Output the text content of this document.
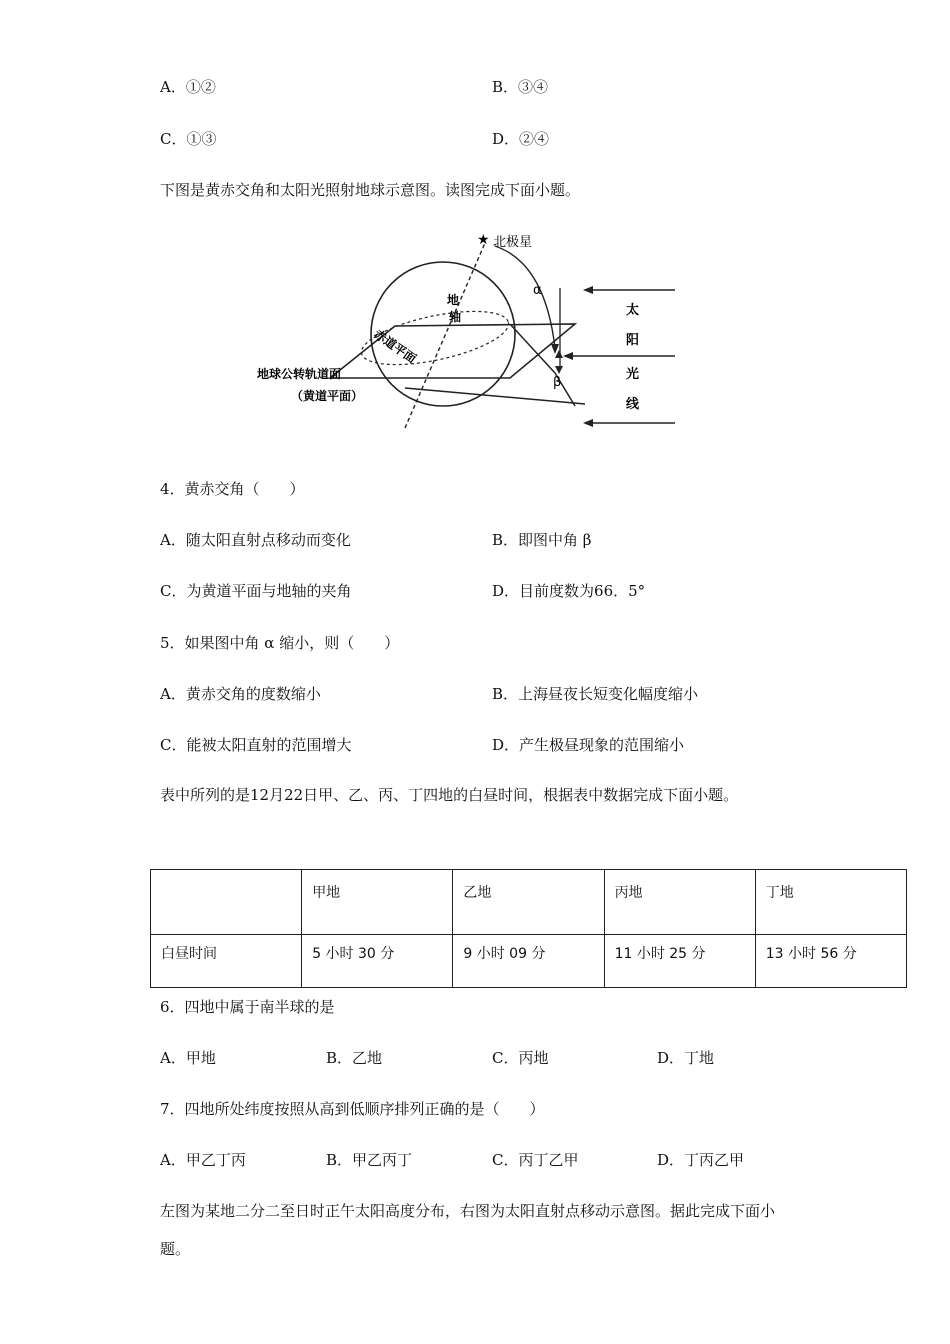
A．①②	B．③④
C．①③	D．②④
下图是黄赤交角和太阳光照射地球示意图。读图完成下面小题。
★ 北极星
地
轴
赤道平面
地球公转轨道面
（黄道平面）
α
β
太
阳
光
线
4．黄赤交角（　　）
A．随太阳直射点移动而变化	B．即图中角 β
C．为黄道平面与地轴的夹角	D．目前度数为66．5°
5．如果图中角 α 缩小，则（　　）
A．黄赤交角的度数缩小	B．上海昼夜长短变化幅度缩小
C．能被太阳直射的范围增大	D．产生极昼现象的范围缩小
表中所列的是12月22日甲、乙、丙、丁四地的白昼时间，根据表中数据完成下面小题。
	甲地	乙地	丙地	丁地
白昼时间	5 小时 30 分	9 小时 09 分	11 小时 25 分	13 小时 56 分
6．四地中属于南半球的是
A．甲地	B．乙地	C．丙地	D．丁地
7．四地所处纬度按照从高到低顺序排列正确的是（　　）
A．甲乙丁丙	B．甲乙丙丁	C．丙丁乙甲	D．丁丙乙甲
左图为某地二分二至日时正午太阳高度分布，右图为太阳直射点移动示意图。据此完成下面小题。
